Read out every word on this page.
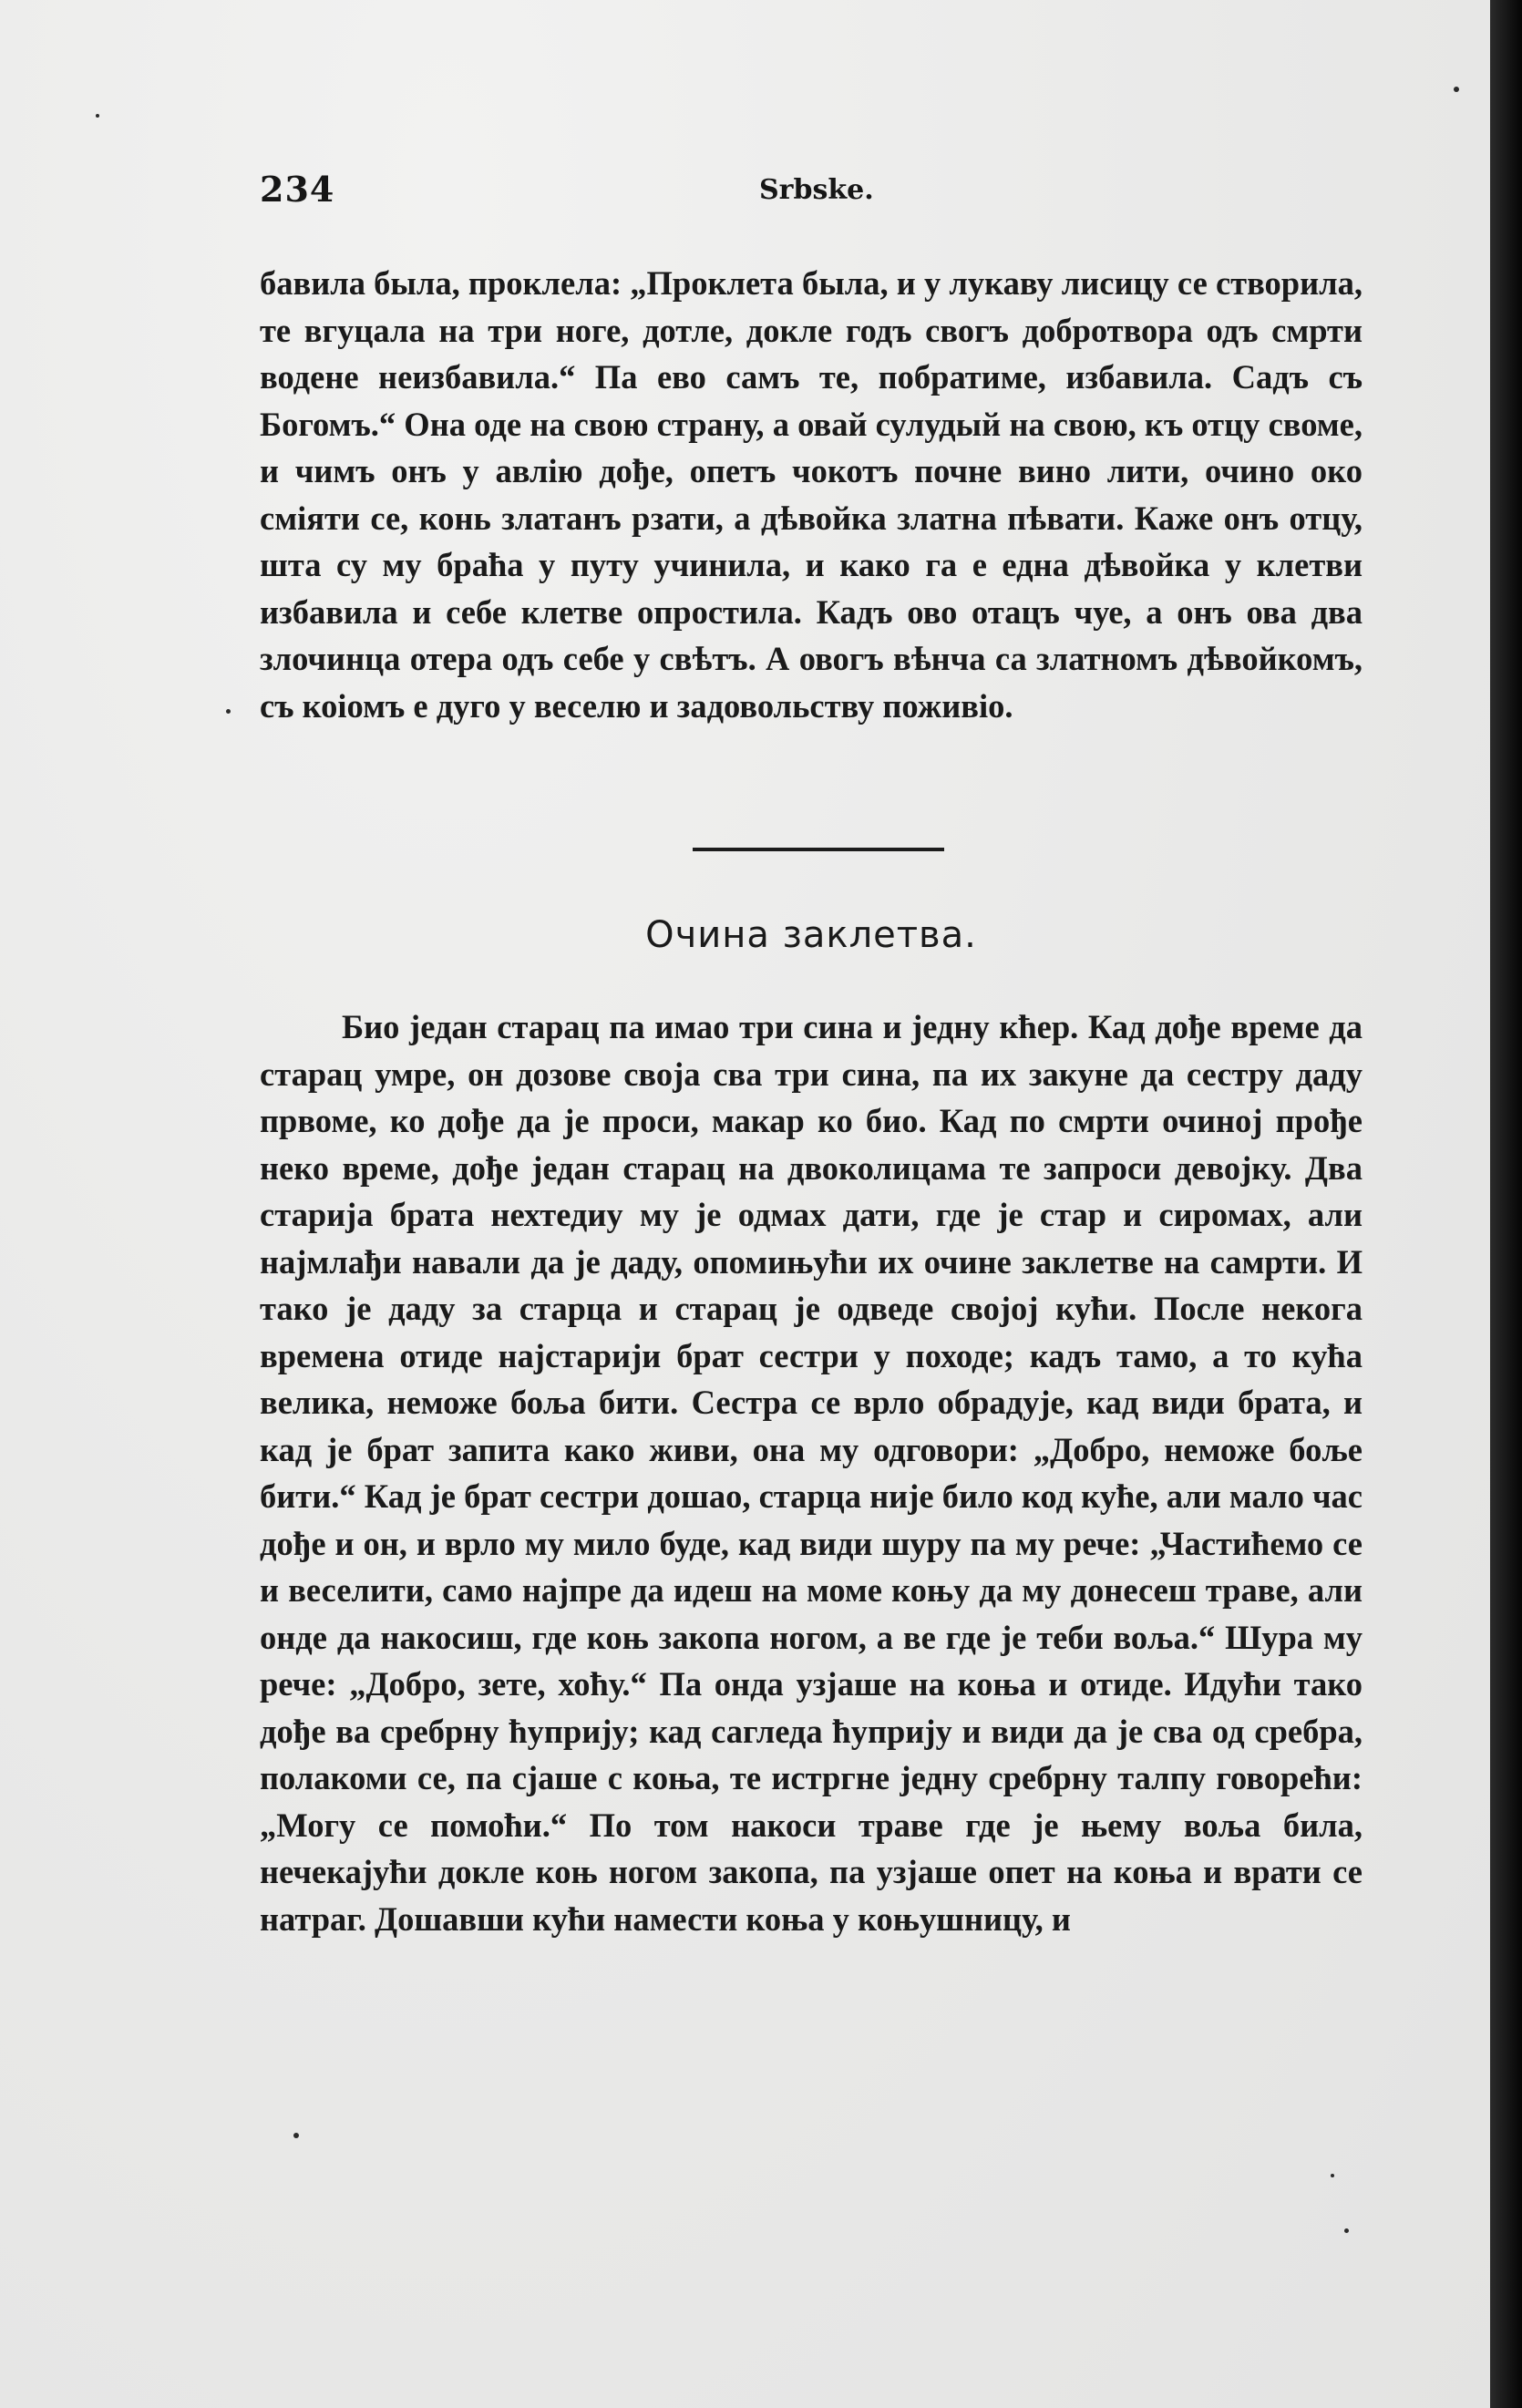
234	Srbske.

бавила была, проклела: „Проклета была, и у лукаву лисицу се створила, те вгуцала на три ноге, дотле, докле годъ свогъ добротвора одъ смрти водене неизбавила.“ Па ево самъ те, побратиме, избавила. Садъ съ Богомъ.“ Она оде на свою страну, а овай сулудый на свою, къ отцу своме, и чимъ онъ у авлію дође, опетъ чокотъ почне вино лити, очино око сміяти се, конь златанъ рзати, а дѣвойка златна пѣвати. Каже онъ отцу, шта су му браћа у путу учинила, и како га е една дѣвойка у клетви избавила и себе клетве опростила. Кадъ ово отацъ чуе, а онъ ова два злочинца отера одъ себе у свѣтъ. А овогъ вѣнча са златномъ дѣвойкомъ, съ коіомъ е дуго у веселю и задовольству поживіо.

Очина заклетва.

Био један старац па имао три сина и једну кћер. Кад дође време да старац умре, он дозове своја сва три сина, па их закуне да сестру даду првоме, ко дође да је проси, макар ко био. Кад по смрти очиној прође неко време, дође један старац на двоколицама те запроси девојку. Два старија брата нехтедиу му је одмах дати, где је стар и сиромах, али најмлађи навали да је даду, опомињући их очине заклетве на самрти. И тако је даду за старца и старац је одведе својој кући. После некога времена отиде најстарији брат сестри у походе; кадъ тамо, а то кућа велика, неможе боља бити. Сестра се врло обрадује, кад види брата, и кад је брат запита како живи, она му одговори: „Добро, неможе боље бити.“ Кад је брат сестри дошао, старца није било код куће, али мало час дође и он, и врло му мило буде, кад види шуру па му рече: „Частићемо се и веселити, само најпре да идеш на моме коњу да му донесеш траве, али онде да накосиш, где коњ закопа ногом, а ве где је теби воља.“ Шура му рече: „Добро, зете, хоћу.“ Па онда узјаше на коња и отиде. Идући тако дође ва сребрну ћуприју; кад сагледа ћуприју и види да је сва од сребра, полакоми се, па сјаше с коња, те истргне једну сребрну талпу говорећи: „Могу се помоћи.“ По том накоси траве где је њему воља била, нечекајући докле коњ ногом закопа, па узјаше опет на коња и врати се натраг. Дошавши кући намести коња у коњушницу, и
